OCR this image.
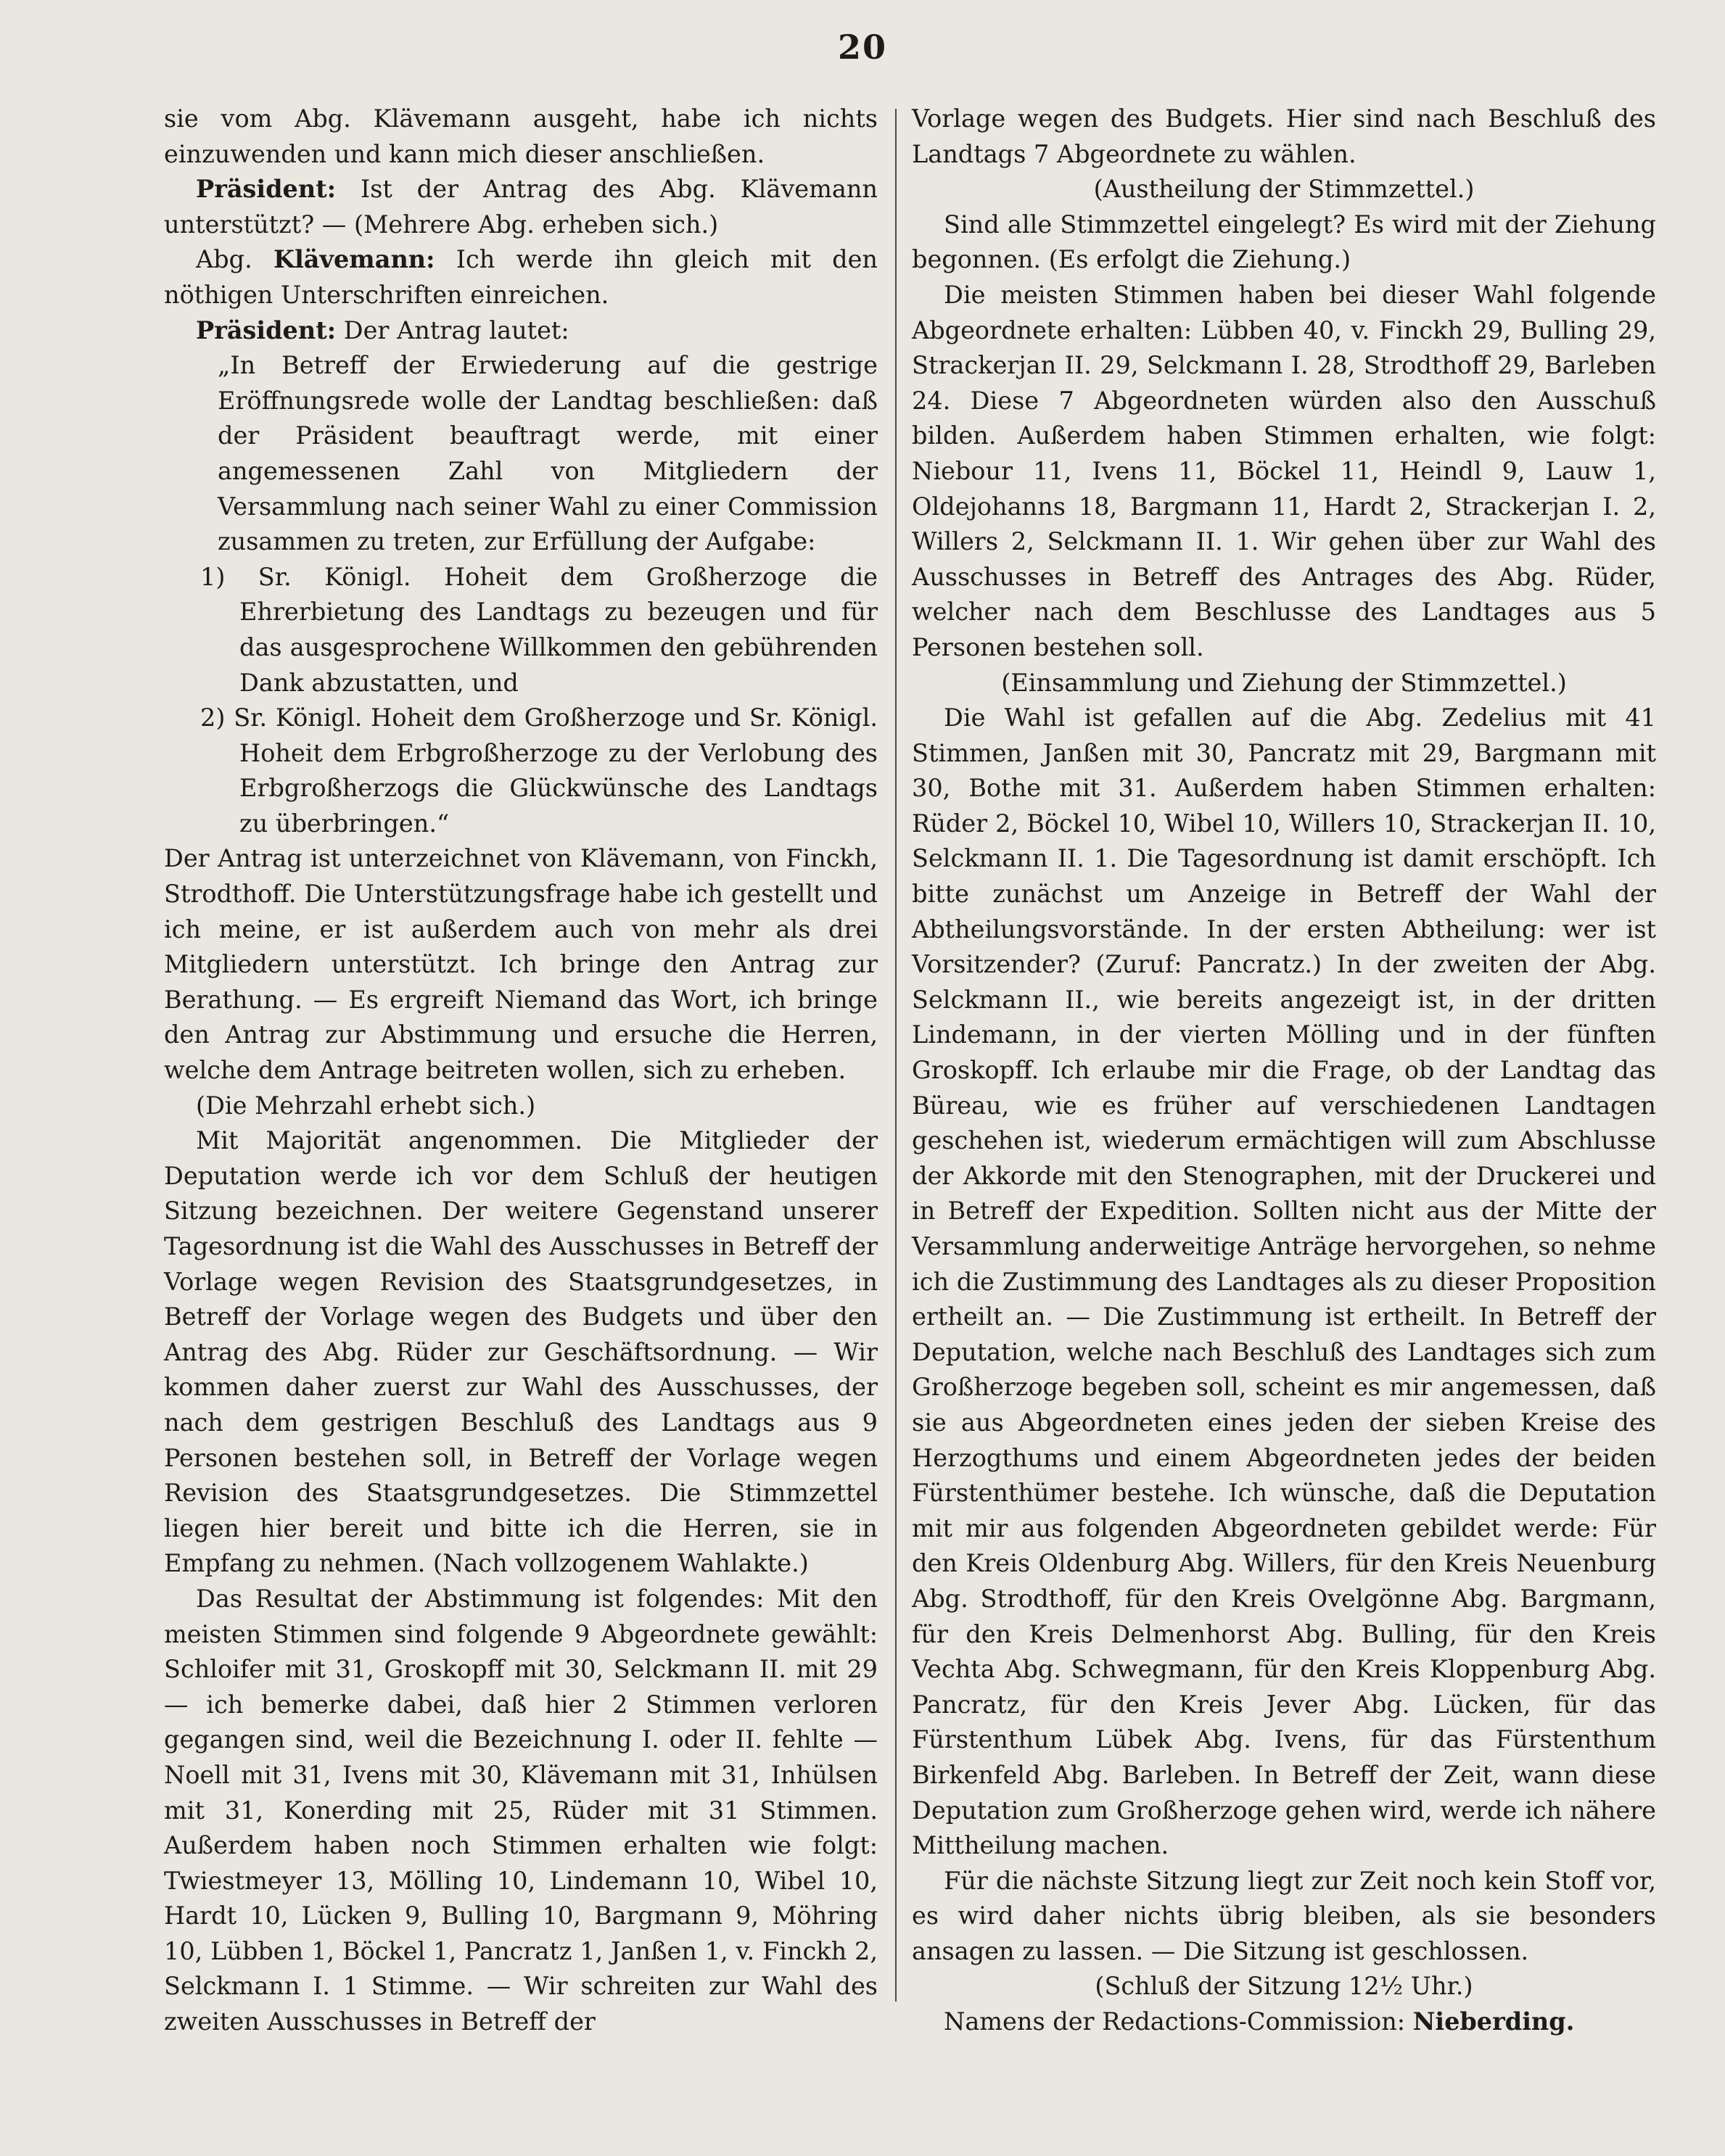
20

sie vom Abg. Klävemann ausgeht, habe ich nichts einzuwenden und kann mich dieser anschließen.

Präsident: Ist der Antrag des Abg. Klävemann unterstützt? — (Mehrere Abg. erheben sich.)

Abg. Klävemann: Ich werde ihn gleich mit den nöthigen Unterschriften einreichen.

Präsident: Der Antrag lautet:

„In Betreff der Erwiederung auf die gestrige Eröffnungsrede wolle der Landtag beschließen: daß der Präsident beauftragt werde, mit einer angemessenen Zahl von Mitgliedern der Versammlung nach seiner Wahl zu einer Commission zusammen zu treten, zur Erfüllung der Aufgabe:

1) Sr. Königl. Hoheit dem Großherzoge die Ehrerbietung des Landtags zu bezeugen und für das ausgesprochene Willkommen den gebührenden Dank abzustatten, und

2) Sr. Königl. Hoheit dem Großherzoge und Sr. Königl. Hoheit dem Erbgroßherzoge zu der Verlobung des Erbgroßherzogs die Glückwünsche des Landtags zu überbringen.“

Der Antrag ist unterzeichnet von Klävemann, von Finckh, Strodthoff. Die Unterstützungsfrage habe ich gestellt und ich meine, er ist außerdem auch von mehr als drei Mitgliedern unterstützt. Ich bringe den Antrag zur Berathung. — Es ergreift Niemand das Wort, ich bringe den Antrag zur Abstimmung und ersuche die Herren, welche dem Antrage beitreten wollen, sich zu erheben.

(Die Mehrzahl erhebt sich.)

Mit Majorität angenommen. Die Mitglieder der Deputation werde ich vor dem Schluß der heutigen Sitzung bezeichnen. Der weitere Gegenstand unserer Tagesordnung ist die Wahl des Ausschusses in Betreff der Vorlage wegen Revision des Staatsgrundgesetzes, in Betreff der Vorlage wegen des Budgets und über den Antrag des Abg. Rüder zur Geschäftsordnung. — Wir kommen daher zuerst zur Wahl des Ausschusses, der nach dem gestrigen Beschluß des Landtags aus 9 Personen bestehen soll, in Betreff der Vorlage wegen Revision des Staatsgrundgesetzes. Die Stimmzettel liegen hier bereit und bitte ich die Herren, sie in Empfang zu nehmen. (Nach vollzogenem Wahlakte.)

Das Resultat der Abstimmung ist folgendes: Mit den meisten Stimmen sind folgende 9 Abgeordnete gewählt: Schloifer mit 31, Groskopff mit 30, Selckmann II. mit 29 — ich bemerke dabei, daß hier 2 Stimmen verloren gegangen sind, weil die Bezeichnung I. oder II. fehlte — Noell mit 31, Ivens mit 30, Klävemann mit 31, Inhülsen mit 31, Konerding mit 25, Rüder mit 31 Stimmen. Außerdem haben noch Stimmen erhalten wie folgt: Twiestmeyer 13, Mölling 10, Lindemann 10, Wibel 10, Hardt 10, Lücken 9, Bulling 10, Bargmann 9, Möhring 10, Lübben 1, Böckel 1, Pancratz 1, Janßen 1, v. Finckh 2, Selckmann I. 1 Stimme. — Wir schreiten zur Wahl des zweiten Ausschusses in Betreff der

Vorlage wegen des Budgets. Hier sind nach Beschluß des Landtags 7 Abgeordnete zu wählen.

(Austheilung der Stimmzettel.)

Sind alle Stimmzettel eingelegt? Es wird mit der Ziehung begonnen. (Es erfolgt die Ziehung.)

Die meisten Stimmen haben bei dieser Wahl folgende Abgeordnete erhalten: Lübben 40, v. Finckh 29, Bulling 29, Strackerjan II. 29, Selckmann I. 28, Strodthoff 29, Barleben 24. Diese 7 Abgeordneten würden also den Ausschuß bilden. Außerdem haben Stimmen erhalten, wie folgt: Niebour 11, Ivens 11, Böckel 11, Heindl 9, Lauw 1, Oldejohanns 18, Bargmann 11, Hardt 2, Strackerjan I. 2, Willers 2, Selckmann II. 1. Wir gehen über zur Wahl des Ausschusses in Betreff des Antrages des Abg. Rüder, welcher nach dem Beschlusse des Landtages aus 5 Personen bestehen soll.

(Einsammlung und Ziehung der Stimmzettel.)

Die Wahl ist gefallen auf die Abg. Zedelius mit 41 Stimmen, Janßen mit 30, Pancratz mit 29, Bargmann mit 30, Bothe mit 31. Außerdem haben Stimmen erhalten: Rüder 2, Böckel 10, Wibel 10, Willers 10, Strackerjan II. 10, Selckmann II. 1. Die Tagesordnung ist damit erschöpft. Ich bitte zunächst um Anzeige in Betreff der Wahl der Abtheilungsvorstände. In der ersten Abtheilung: wer ist Vorsitzender? (Zuruf: Pancratz.) In der zweiten der Abg. Selckmann II., wie bereits angezeigt ist, in der dritten Lindemann, in der vierten Mölling und in der fünften Groskopff. Ich erlaube mir die Frage, ob der Landtag das Büreau, wie es früher auf verschiedenen Landtagen geschehen ist, wiederum ermächtigen will zum Abschlusse der Akkorde mit den Stenographen, mit der Druckerei und in Betreff der Expedition. Sollten nicht aus der Mitte der Versammlung anderweitige Anträge hervorgehen, so nehme ich die Zustimmung des Landtages als zu dieser Proposition ertheilt an. — Die Zustimmung ist ertheilt. In Betreff der Deputation, welche nach Beschluß des Landtages sich zum Großherzoge begeben soll, scheint es mir angemessen, daß sie aus Abgeordneten eines jeden der sieben Kreise des Herzogthums und einem Abgeordneten jedes der beiden Fürstenthümer bestehe. Ich wünsche, daß die Deputation mit mir aus folgenden Abgeordneten gebildet werde: Für den Kreis Oldenburg Abg. Willers, für den Kreis Neuenburg Abg. Strodthoff, für den Kreis Ovelgönne Abg. Bargmann, für den Kreis Delmenhorst Abg. Bulling, für den Kreis Vechta Abg. Schwegmann, für den Kreis Kloppenburg Abg. Pancratz, für den Kreis Jever Abg. Lücken, für das Fürstenthum Lübek Abg. Ivens, für das Fürstenthum Birkenfeld Abg. Barleben. In Betreff der Zeit, wann diese Deputation zum Großherzoge gehen wird, werde ich nähere Mittheilung machen.

Für die nächste Sitzung liegt zur Zeit noch kein Stoff vor, es wird daher nichts übrig bleiben, als sie besonders ansagen zu lassen. — Die Sitzung ist geschlossen.

(Schluß der Sitzung 12½ Uhr.)

Namens der Redactions-Commission: Nieberding.
